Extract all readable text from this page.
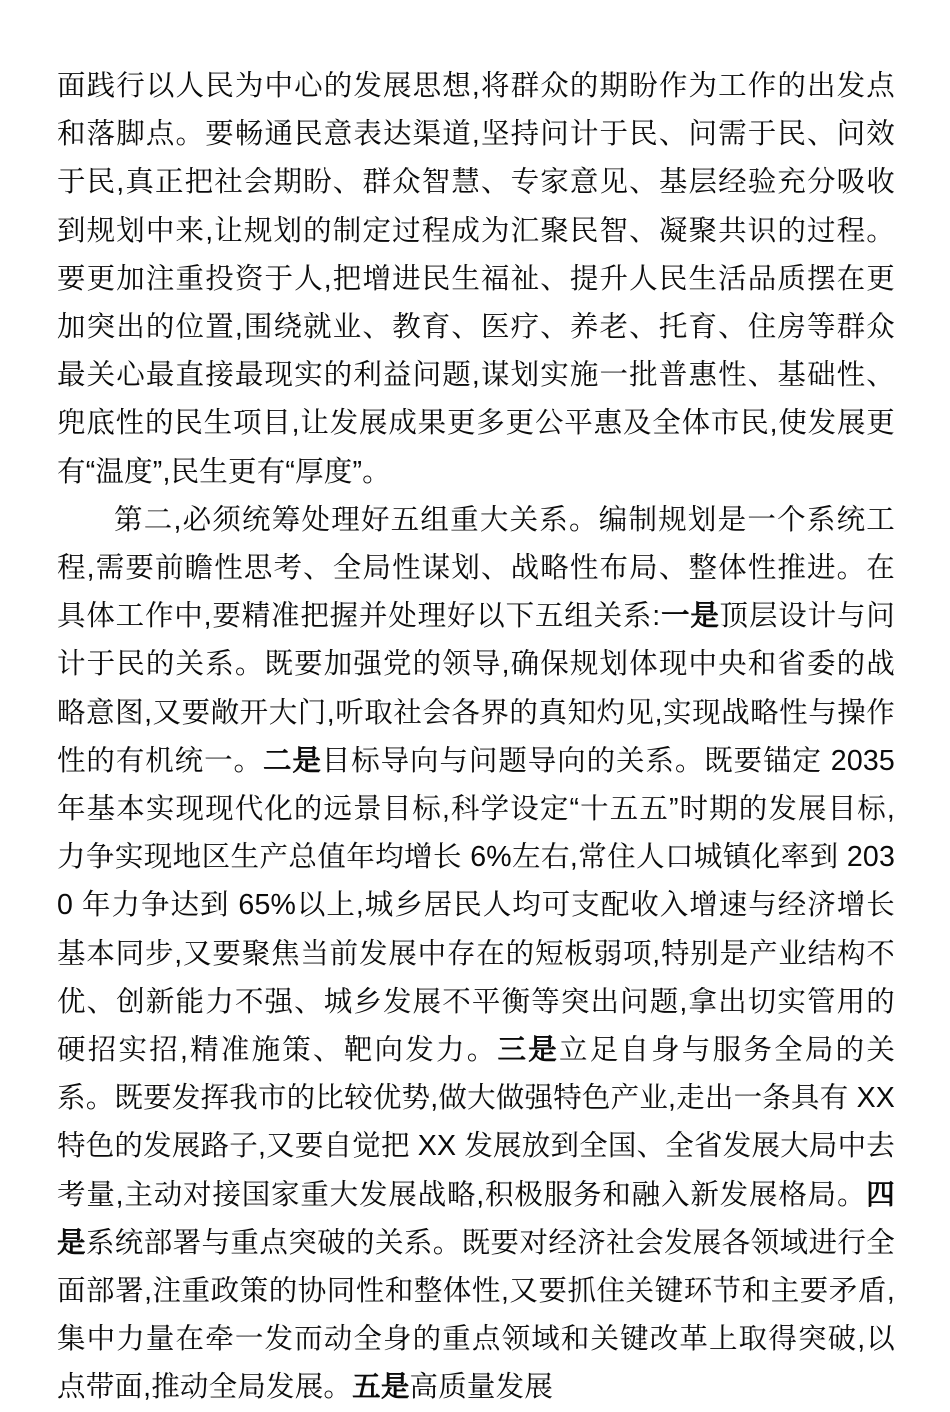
面践行以人民为中心的发展思想,将群众的期盼作为工作的出发点和落脚点。要畅通民意表达渠道,坚持问计于民、问需于民、问效于民,真正把社会期盼、群众智慧、专家意见、基层经验充分吸收到规划中来,让规划的制定过程成为汇聚民智、凝聚共识的过程。要更加注重投资于人,把增进民生福祉、提升人民生活品质摆在更加突出的位置,围绕就业、教育、医疗、养老、托育、住房等群众最关心最直接最现实的利益问题,谋划实施一批普惠性、基础性、兜底性的民生项目,让发展成果更多更公平惠及全体市民,使发展更有“温度”,民生更有“厚度”。

第二,必须统筹处理好五组重大关系。编制规划是一个系统工程,需要前瞻性思考、全局性谋划、战略性布局、整体性推进。在具体工作中,要精准把握并处理好以下五组关系:一是顶层设计与问计于民的关系。既要加强党的领导,确保规划体现中央和省委的战略意图,又要敞开大门,听取社会各界的真知灼见,实现战略性与操作性的有机统一。二是目标导向与问题导向的关系。既要锚定 2035 年基本实现现代化的远景目标,科学设定“十五五”时期的发展目标,力争实现地区生产总值年均增长 6%左右,常住人口城镇化率到 2030 年力争达到 65%以上,城乡居民人均可支配收入增速与经济增长基本同步,又要聚焦当前发展中存在的短板弱项,特别是产业结构不优、创新能力不强、城乡发展不平衡等突出问题,拿出切实管用的硬招实招,精准施策、靶向发力。三是立足自身与服务全局的关系。既要发挥我市的比较优势,做大做强特色产业,走出一条具有 XX 特色的发展路子,又要自觉把 XX 发展放到全国、全省发展大局中去考量,主动对接国家重大发展战略,积极服务和融入新发展格局。四是系统部署与重点突破的关系。既要对经济社会发展各领域进行全面部署,注重政策的协同性和整体性,又要抓住关键环节和主要矛盾,集中力量在牵一发而动全身的重点领域和关键改革上取得突破,以点带面,推动全局发展。五是高质量发展
